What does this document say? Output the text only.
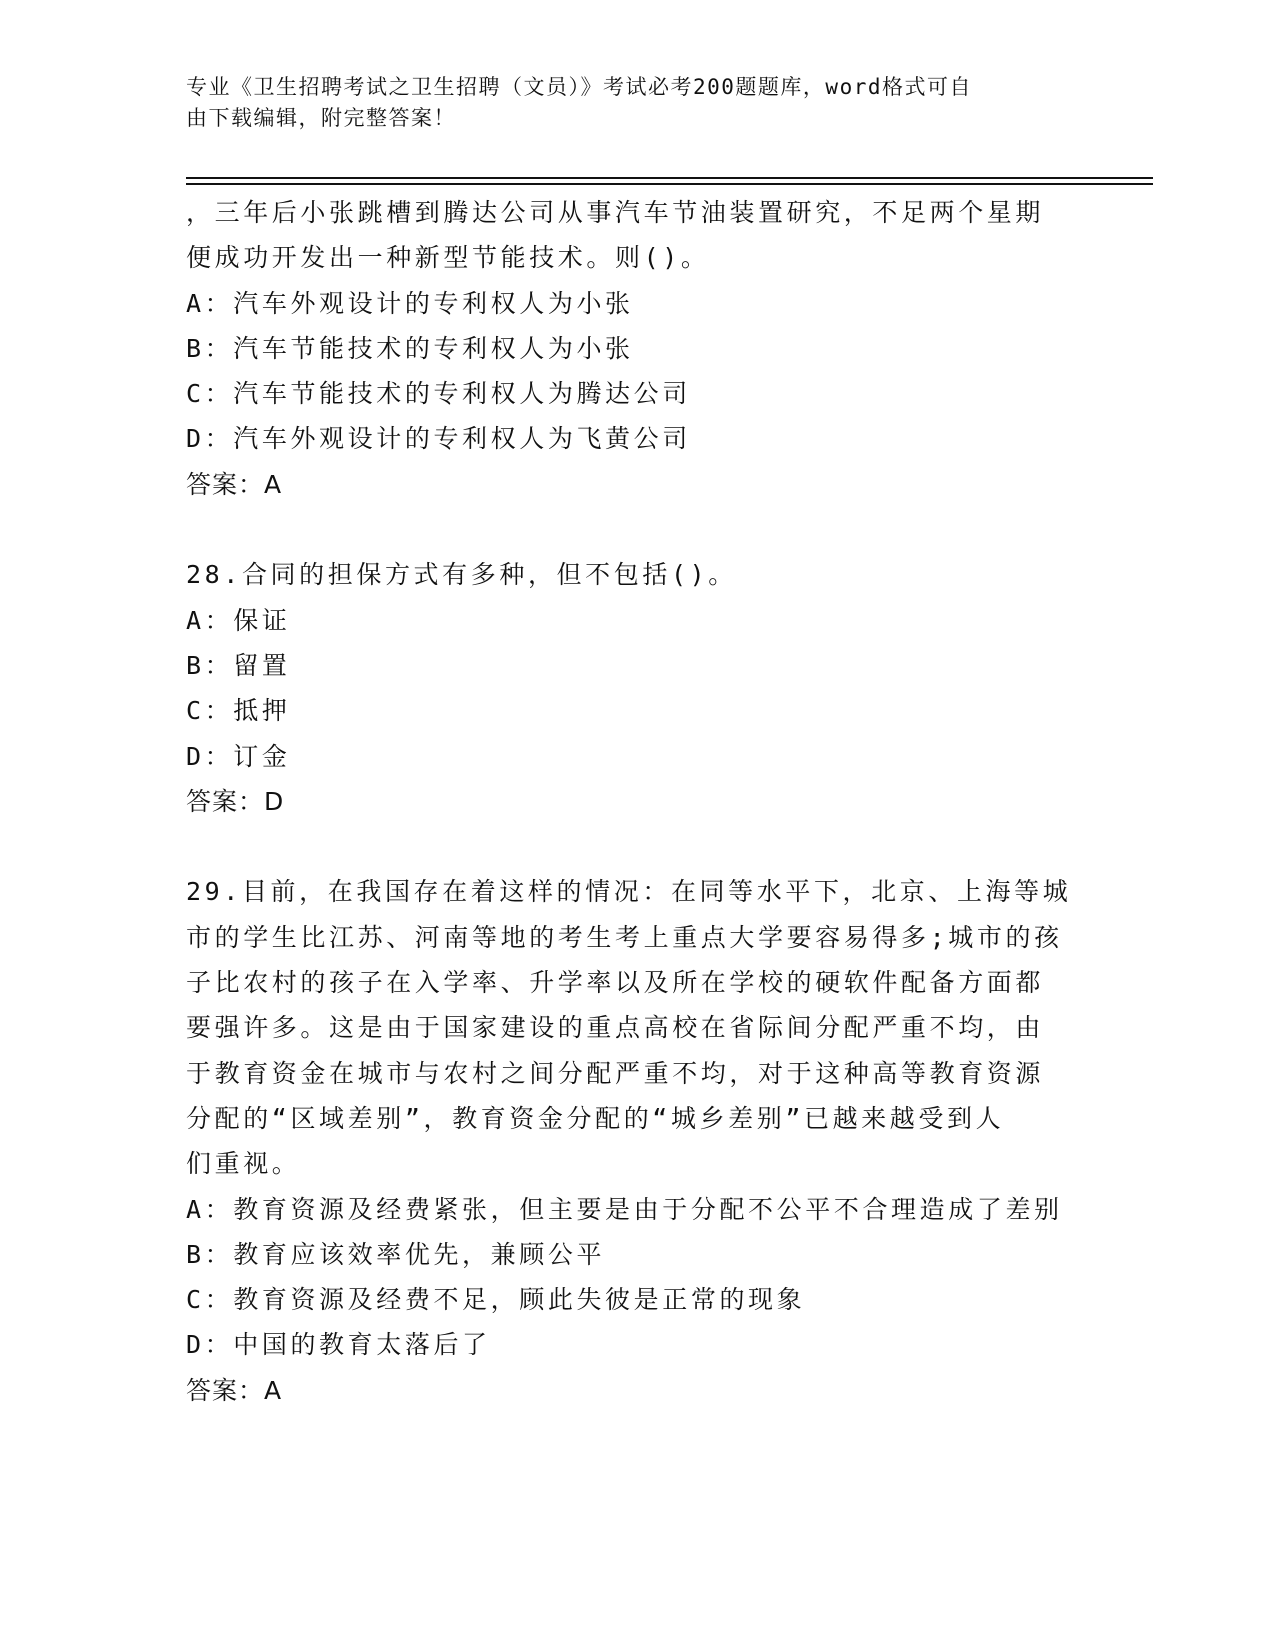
专业《卫生招聘考试之卫生招聘（文员）》考试必考200题题库，word格式可自
由下载编辑，附完整答案！
，三年后小张跳槽到腾达公司从事汽车节油装置研究，不足两个星期
便成功开发出一种新型节能技术。则()。
A：汽车外观设计的专利权人为小张
B：汽车节能技术的专利权人为小张
C：汽车节能技术的专利权人为腾达公司
D：汽车外观设计的专利权人为飞黄公司
答案：A
28.合同的担保方式有多种，但不包括()。
A：保证
B：留置
C：抵押
D：订金
答案：D
29.目前，在我国存在着这样的情况：在同等水平下，北京、上海等城
市的学生比江苏、河南等地的考生考上重点大学要容易得多;城市的孩
子比农村的孩子在入学率、升学率以及所在学校的硬软件配备方面都
要强许多。这是由于国家建设的重点高校在省际间分配严重不均，由
于教育资金在城市与农村之间分配严重不均，对于这种高等教育资源
分配的“区域差别”，教育资金分配的“城乡差别”已越来越受到人
们重视。
A：教育资源及经费紧张，但主要是由于分配不公平不合理造成了差别
B：教育应该效率优先，兼顾公平
C：教育资源及经费不足，顾此失彼是正常的现象
D：中国的教育太落后了
答案：A
